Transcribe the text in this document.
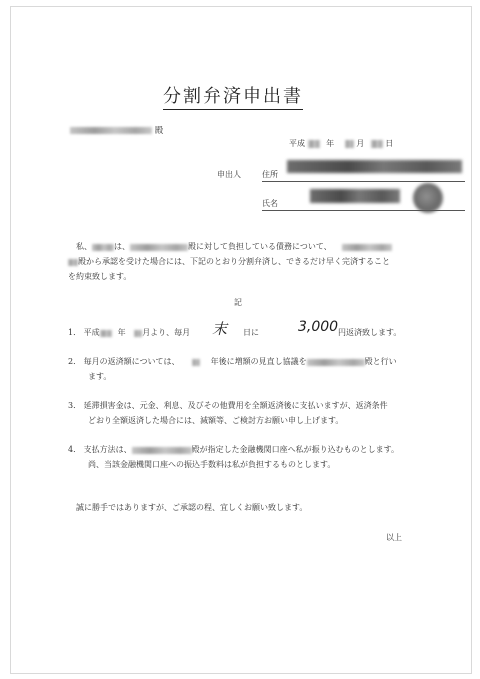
分割弁済申出書
殿
平成	年	月	日
申出人	住所
氏名
私、	は、	殿に対して負担している債務について、
殿から承認を受けた場合には、下記のとおり分割弁済し、できるだけ早く完済すること
を約束致します。
記
1． 平成 年 月より、毎月 末 日に	3,000 円返済致します。
2． 毎月の返済額については、	年後に増額の見直し協議を	殿と行い
ます。
3． 延滞損害金は、元金、利息、及びその他費用を全額返済後に支払いますが、返済条件
どおり全額返済した場合には、減額等、ご検討方お願い申し上げます。
4． 支払方法は、	殿が指定した金融機関口座へ私が振り込むものとします。
尚、当該金融機関口座への振込手数料は私が負担するものとします。
誠に勝手ではありますが、ご承認の程、宜しくお願い致します。
以上
